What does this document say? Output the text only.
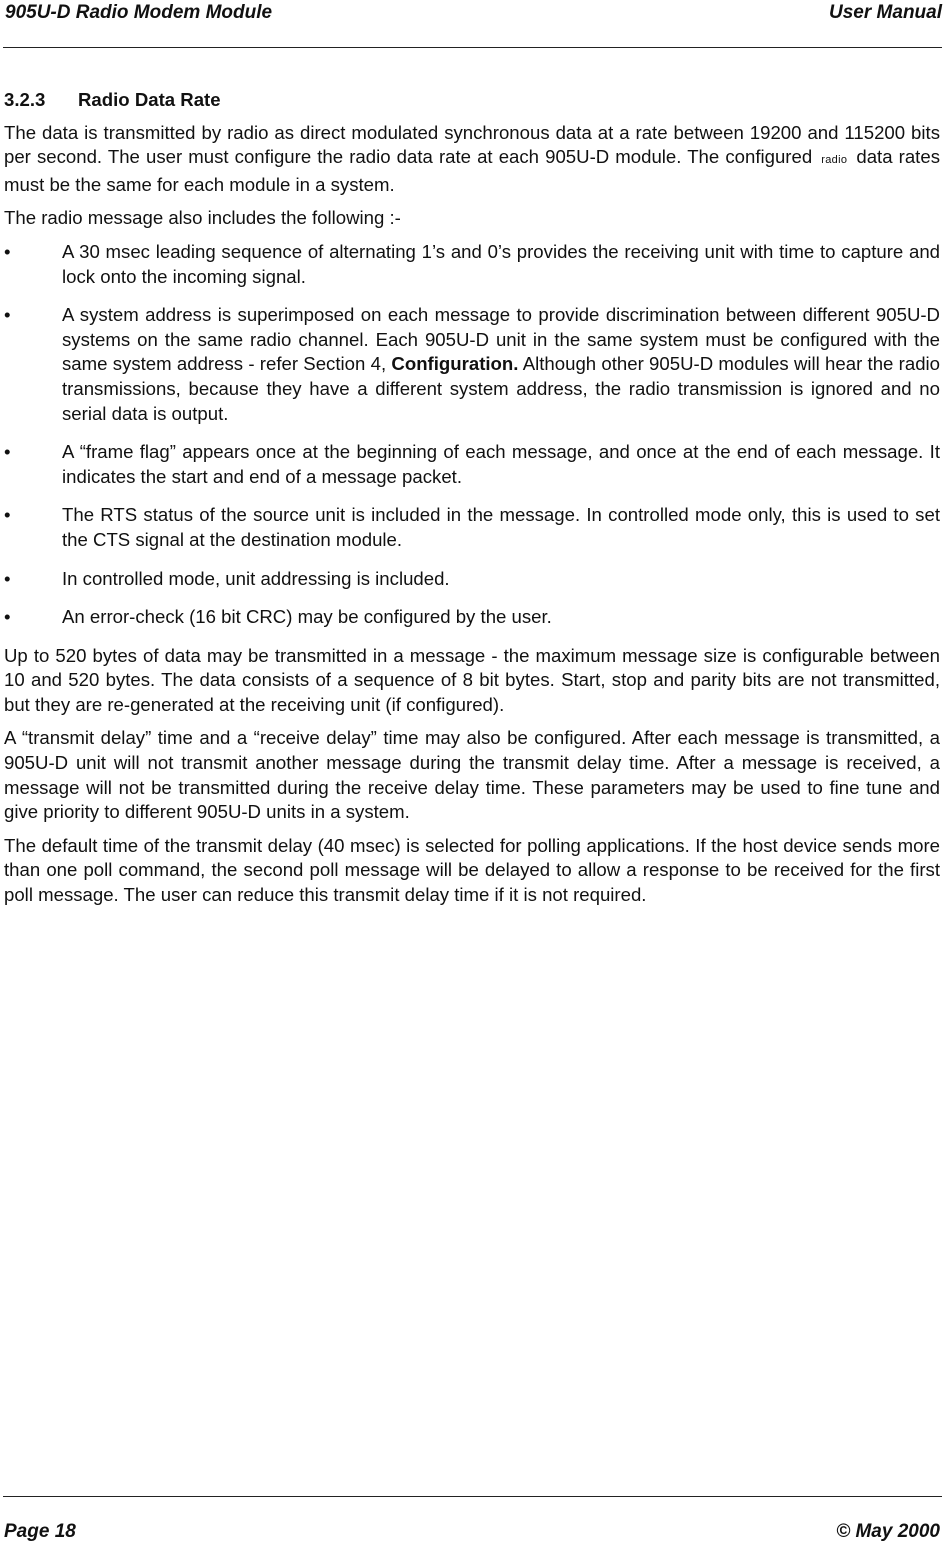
905U-D Radio Modem Module	User Manual
3.2.3 Radio Data Rate

The data is transmitted by radio as direct modulated synchronous data at a rate between 19200 and 115200 bits per second. The user must configure the radio data rate at each 905U-D module. The configured radio data rates must be the same for each module in a system.

The radio message also includes the following :-

•	A 30 msec leading sequence of alternating 1’s and 0’s provides the receiving unit with time to capture and lock onto the incoming signal.
•	A system address is superimposed on each message to provide discrimination between different 905U-D systems on the same radio channel. Each 905U-D unit in the same system must be configured with the same system address - refer Section 4, Configuration. Although other 905U-D modules will hear the radio transmissions, because they have a different system address, the radio transmission is ignored and no serial data is output.
•	A “frame flag” appears once at the beginning of each message, and once at the end of each message. It indicates the start and end of a message packet.
•	The RTS status of the source unit is included in the message. In controlled mode only, this is used to set the CTS signal at the destination module.
•	In controlled mode, unit addressing is included.
•	An error-check (16 bit CRC) may be configured by the user.

Up to 520 bytes of data may be transmitted in a message - the maximum message size is configurable between 10 and 520 bytes. The data consists of a sequence of 8 bit bytes. Start, stop and parity bits are not transmitted, but they are re-generated at the receiving unit (if configured).

A “transmit delay” time and a “receive delay” time may also be configured. After each message is transmitted, a 905U-D unit will not transmit another message during the transmit delay time. After a message is received, a message will not be transmitted during the receive delay time. These parameters may be used to fine tune and give priority to different 905U-D units in a system.

The default time of the transmit delay (40 msec) is selected for polling applications. If the host device sends more than one poll command, the second poll message will be delayed to allow a response to be received for the first poll message. The user can reduce this transmit delay time if it is not required.

Page 18	© May 2000
